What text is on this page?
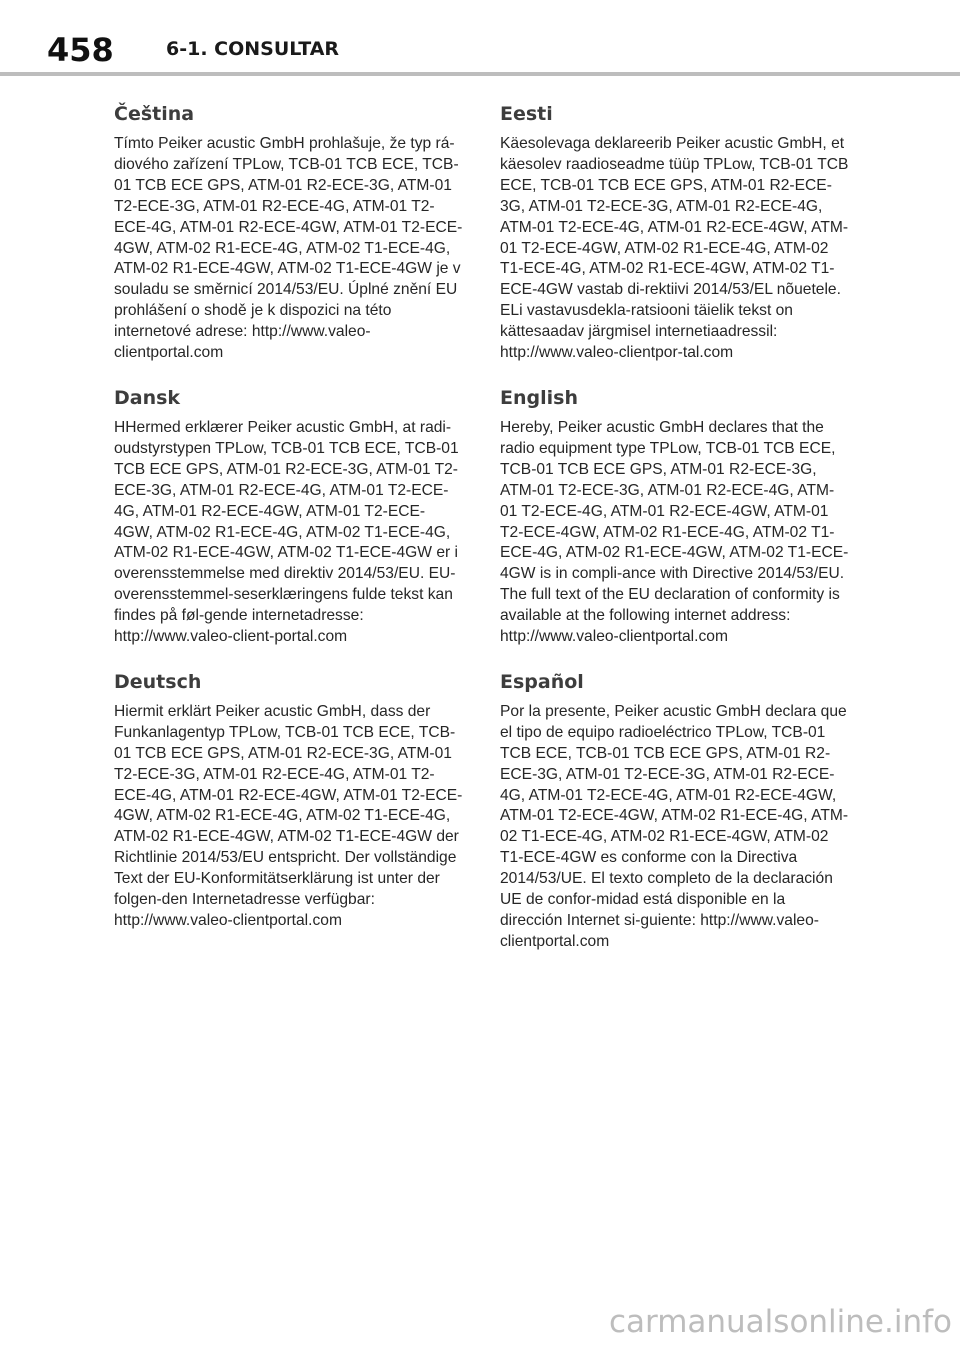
458	6-1. CONSULTAR
Čeština

Tímto Peiker acustic GmbH prohlašuje, že typ rá-diového zařízení TPLow, TCB-01 TCB ECE, TCB-01 TCB ECE GPS, ATM-01 R2-ECE-3G, ATM-01 T2-ECE-3G, ATM-01 R2-ECE-4G, ATM-01 T2-ECE-4G, ATM-01 R2-ECE-4GW, ATM-01 T2-ECE-4GW, ATM-02 R1-ECE-4G, ATM-02 T1-ECE-4G, ATM-02 R1-ECE-4GW, ATM-02 T1-ECE-4GW je v souladu se směrnicí 2014/53/EU. Úplné znění EU prohlášení o shodě je k dispozici na této internetové adrese: http://www.valeo-clientportal.com

Dansk

HHermed erklærer Peiker acustic GmbH, at radi-oudstyrstypen TPLow, TCB-01 TCB ECE, TCB-01 TCB ECE GPS, ATM-01 R2-ECE-3G, ATM-01 T2-ECE-3G, ATM-01 R2-ECE-4G, ATM-01 T2-ECE-4G, ATM-01 R2-ECE-4GW, ATM-01 T2-ECE-4GW, ATM-02 R1-ECE-4G, ATM-02 T1-ECE-4G, ATM-02 R1-ECE-4GW, ATM-02 T1-ECE-4GW er i overensstemmelse med direktiv 2014/53/EU. EU-overensstemmel-seserklæringens fulde tekst kan findes på føl-gende internetadresse: http://www.valeo-client-portal.com

Deutsch

Hiermit erklärt Peiker acustic GmbH, dass der Funkanlagentyp TPLow, TCB-01 TCB ECE, TCB-01 TCB ECE GPS, ATM-01 R2-ECE-3G, ATM-01 T2-ECE-3G, ATM-01 R2-ECE-4G, ATM-01 T2-ECE-4G, ATM-01 R2-ECE-4GW, ATM-01 T2-ECE-4GW, ATM-02 R1-ECE-4G, ATM-02 T1-ECE-4G, ATM-02 R1-ECE-4GW, ATM-02 T1-ECE-4GW der Richtlinie 2014/53/EU entspricht. Der vollständige Text der EU-Konformitätserklärung ist unter der folgen-den Internetadresse verfügbar: http://www.valeo-clientportal.com

Eesti

Käesolevaga deklareerib Peiker acustic GmbH, et käesolev raadioseadme tüüp TPLow, TCB-01 TCB ECE, TCB-01 TCB ECE GPS, ATM-01 R2-ECE-3G, ATM-01 T2-ECE-3G, ATM-01 R2-ECE-4G, ATM-01 T2-ECE-4G, ATM-01 R2-ECE-4GW, ATM-01 T2-ECE-4GW, ATM-02 R1-ECE-4G, ATM-02 T1-ECE-4G, ATM-02 R1-ECE-4GW, ATM-02 T1-ECE-4GW vastab di-rektiivi 2014/53/EL nõuetele. ELi vastavusdekla-ratsiooni täielik tekst on kättesaadav järgmisel internetiaadressil: http://www.valeo-clientpor-tal.com

English

Hereby, Peiker acustic GmbH declares that the radio equipment type TPLow, TCB-01 TCB ECE, TCB-01 TCB ECE GPS, ATM-01 R2-ECE-3G, ATM-01 T2-ECE-3G, ATM-01 R2-ECE-4G, ATM-01 T2-ECE-4G, ATM-01 R2-ECE-4GW, ATM-01 T2-ECE-4GW, ATM-02 R1-ECE-4G, ATM-02 T1-ECE-4G, ATM-02 R1-ECE-4GW, ATM-02 T1-ECE-4GW is in compli-ance with Directive 2014/53/EU. The full text of the EU declaration of conformity is available at the following internet address: http://www.valeo-clientportal.com

Español

Por la presente, Peiker acustic GmbH declara que el tipo de equipo radioeléctrico TPLow, TCB-01 TCB ECE, TCB-01 TCB ECE GPS, ATM-01 R2-ECE-3G, ATM-01 T2-ECE-3G, ATM-01 R2-ECE-4G, ATM-01 T2-ECE-4G, ATM-01 R2-ECE-4GW, ATM-01 T2-ECE-4GW, ATM-02 R1-ECE-4G, ATM-02 T1-ECE-4G, ATM-02 R1-ECE-4GW, ATM-02 T1-ECE-4GW es conforme con la Directiva 2014/53/UE. El texto completo de la declaración UE de confor-midad está disponible en la dirección Internet si-guiente: http://www.valeo-clientportal.com

carmanualsonline.info
